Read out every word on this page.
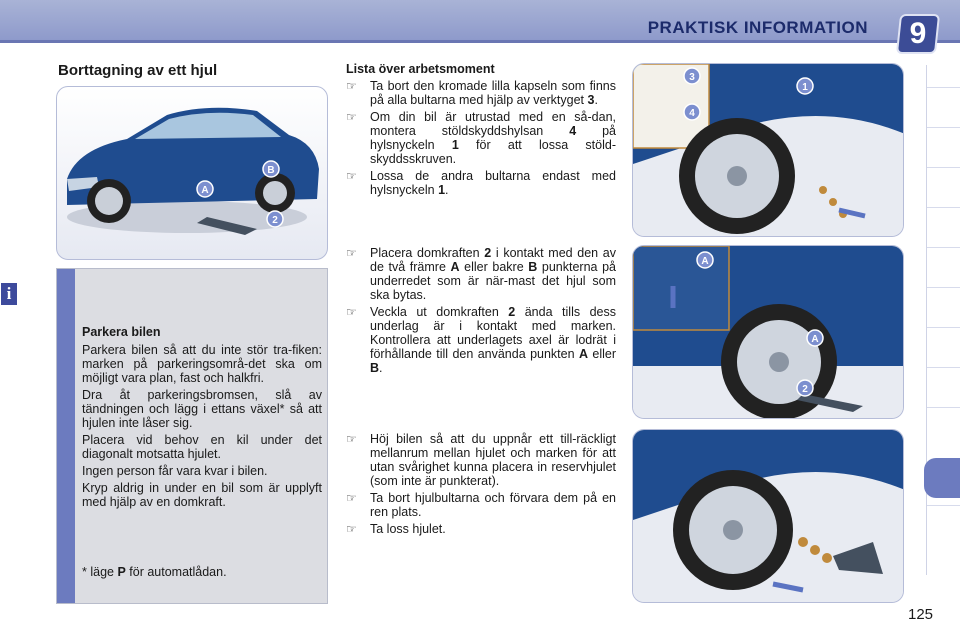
PRAKTISK INFORMATION	9
Borttagning av ett hjul
A
B
2
i
Parkera bilen

Parkera bilen så att du inte stör tra-fiken: marken på parkeringsområ-det ska om möjligt vara plan, fast och halkfri.

Dra åt parkeringsbromsen, slå av tändningen och lägg i ettans växel* så att hjulen inte låser sig.

Placera vid behov en kil under det diagonalt motsatta hjulet.

Ingen person får vara kvar i bilen.

Kryp aldrig in under en bil som är upplyft med hjälp av en domkraft.

* läge P för automatlådan.
Lista över arbetsmoment
☞ Ta bort den kromade lilla kapseln som finns på alla bultarna med hjälp av verktyget 3.
☞ Om din bil är utrustad med en så-dan, montera stöldskyddshylsan 4 på hylsnyckeln 1 för att lossa stöld-skyddsskruven.
☞ Lossa de andra bultarna endast med hylsnyckeln 1.
☞ Placera domkraften 2 i kontakt med den av de två främre A eller bakre B punkterna på underredet som är när-mast det hjul som ska bytas.
☞ Veckla ut domkraften 2 ända tills dess underlag är i kontakt med marken. Kontrollera att underlagets axel är lodrät i förhållande till den använda punkten A eller B.
☞ Höj bilen så att du uppnår ett till-räckligt mellanrum mellan hjulet och marken för att utan svårighet kunna placera in reservhjulet (som inte är punkterat).
☞ Ta bort hjulbultarna och förvara dem på en ren plats.
☞ Ta loss hjulet.
3
4
1
A
A
2
125
